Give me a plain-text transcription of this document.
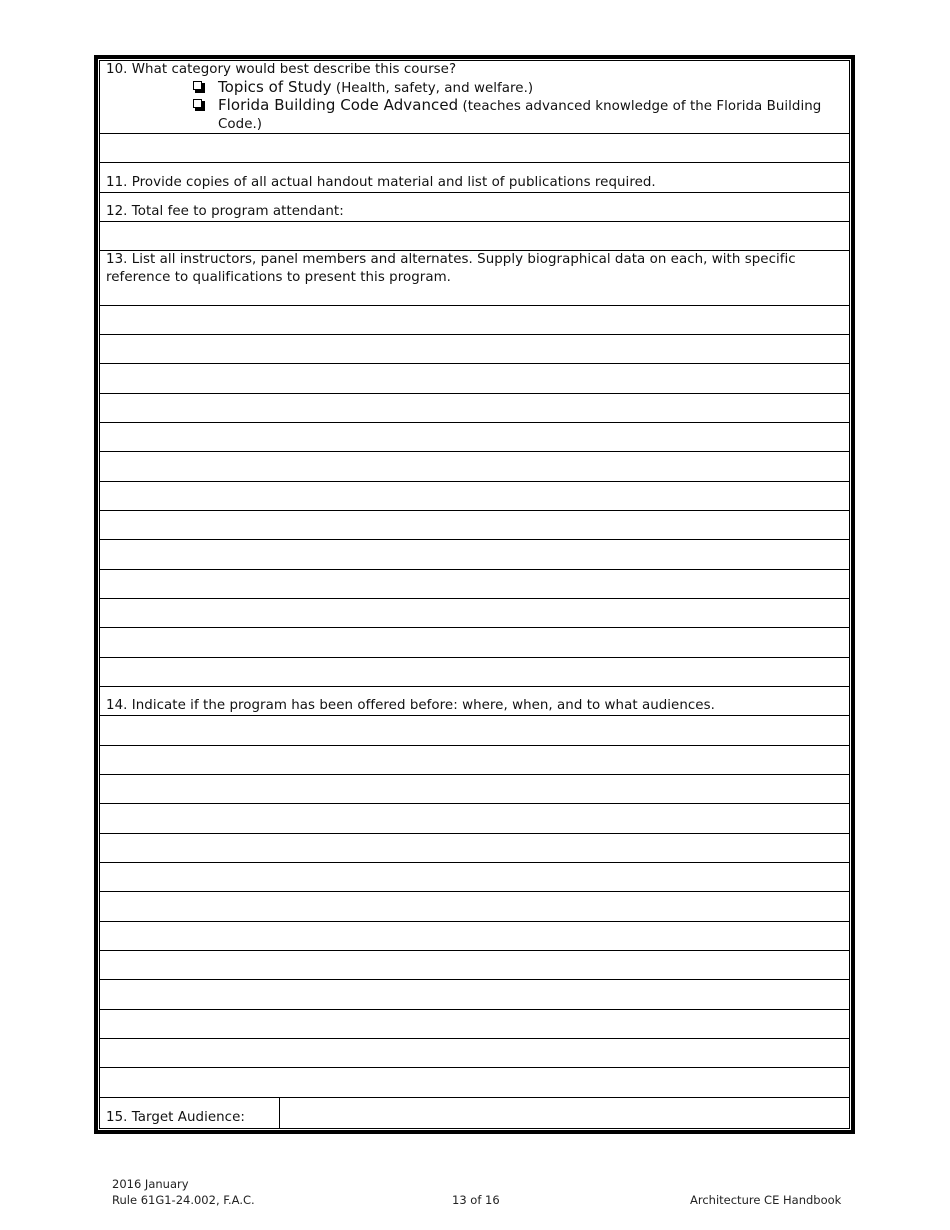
10. What category would best describe this course?
Topics of Study (Health, safety, and welfare.)
Florida Building Code Advanced (teaches advanced knowledge of the Florida Building Code.)
11. Provide copies of all actual handout material and list of publications required.
12. Total fee to program attendant:
13. List all instructors, panel members and alternates. Supply biographical data on each, with specific reference to qualifications to present this program.
14. Indicate if the program has been offered before: where, when, and to what audiences.
15. Target Audience:
2016 January
Rule 61G1-24.002, F.A.C.	13 of 16	Architecture CE Handbook
